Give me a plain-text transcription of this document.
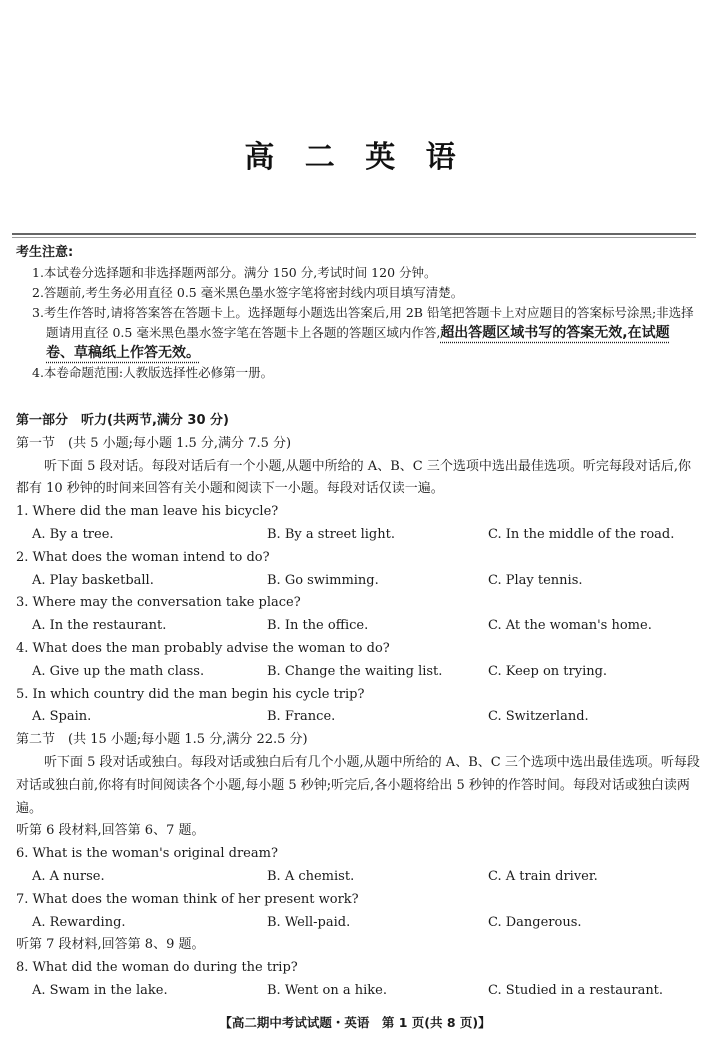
高 二 英 语
考生注意:
1.本试卷分选择题和非选择题两部分。满分 150 分,考试时间 120 分钟。
2.答题前,考生务必用直径 0.5 毫米黑色墨水签字笔将密封线内项目填写清楚。
3.考生作答时,请将答案答在答题卡上。选择题每小题选出答案后,用 2B 铅笔把答题卡上对应题目的答案标号涂黑;非选择题请用直径 0.5 毫米黑色墨水签字笔在答题卡上各题的答题区域内作答,超出答题区域书写的答案无效,在试题卷、草稿纸上作答无效。
4.本卷命题范围:人教版选择性必修第一册。
第一部分　听力(共两节,满分 30 分)
第一节　(共 5 小题;每小题 1.5 分,满分 7.5 分)
听下面 5 段对话。每段对话后有一个小题,从题中所给的 A、B、C 三个选项中选出最佳选项。听完每段对话后,你都有 10 秒钟的时间来回答有关小题和阅读下一小题。每段对话仅读一遍。
1. Where did the man leave his bicycle?
A. By a tree.	B. By a street light.	C. In the middle of the road.
2. What does the woman intend to do?
A. Play basketball.	B. Go swimming.	C. Play tennis.
3. Where may the conversation take place?
A. In the restaurant.	B. In the office.	C. At the woman's home.
4. What does the man probably advise the woman to do?
A. Give up the math class.	B. Change the waiting list.	C. Keep on trying.
5. In which country did the man begin his cycle trip?
A. Spain.	B. France.	C. Switzerland.
第二节　(共 15 小题;每小题 1.5 分,满分 22.5 分)
听下面 5 段对话或独白。每段对话或独白后有几个小题,从题中所给的 A、B、C 三个选项中选出最佳选项。听每段对话或独白前,你将有时间阅读各个小题,每小题 5 秒钟;听完后,各小题将给出 5 秒钟的作答时间。每段对话或独白读两遍。
听第 6 段材料,回答第 6、7 题。
6. What is the woman's original dream?
A. A nurse.	B. A chemist.	C. A train driver.
7. What does the woman think of her present work?
A. Rewarding.	B. Well-paid.	C. Dangerous.
听第 7 段材料,回答第 8、9 题。
8. What did the woman do during the trip?
A. Swam in the lake.	B. Went on a hike.	C. Studied in a restaurant.
【高二期中考试试题・英语　第 1 页(共 8 页)】
